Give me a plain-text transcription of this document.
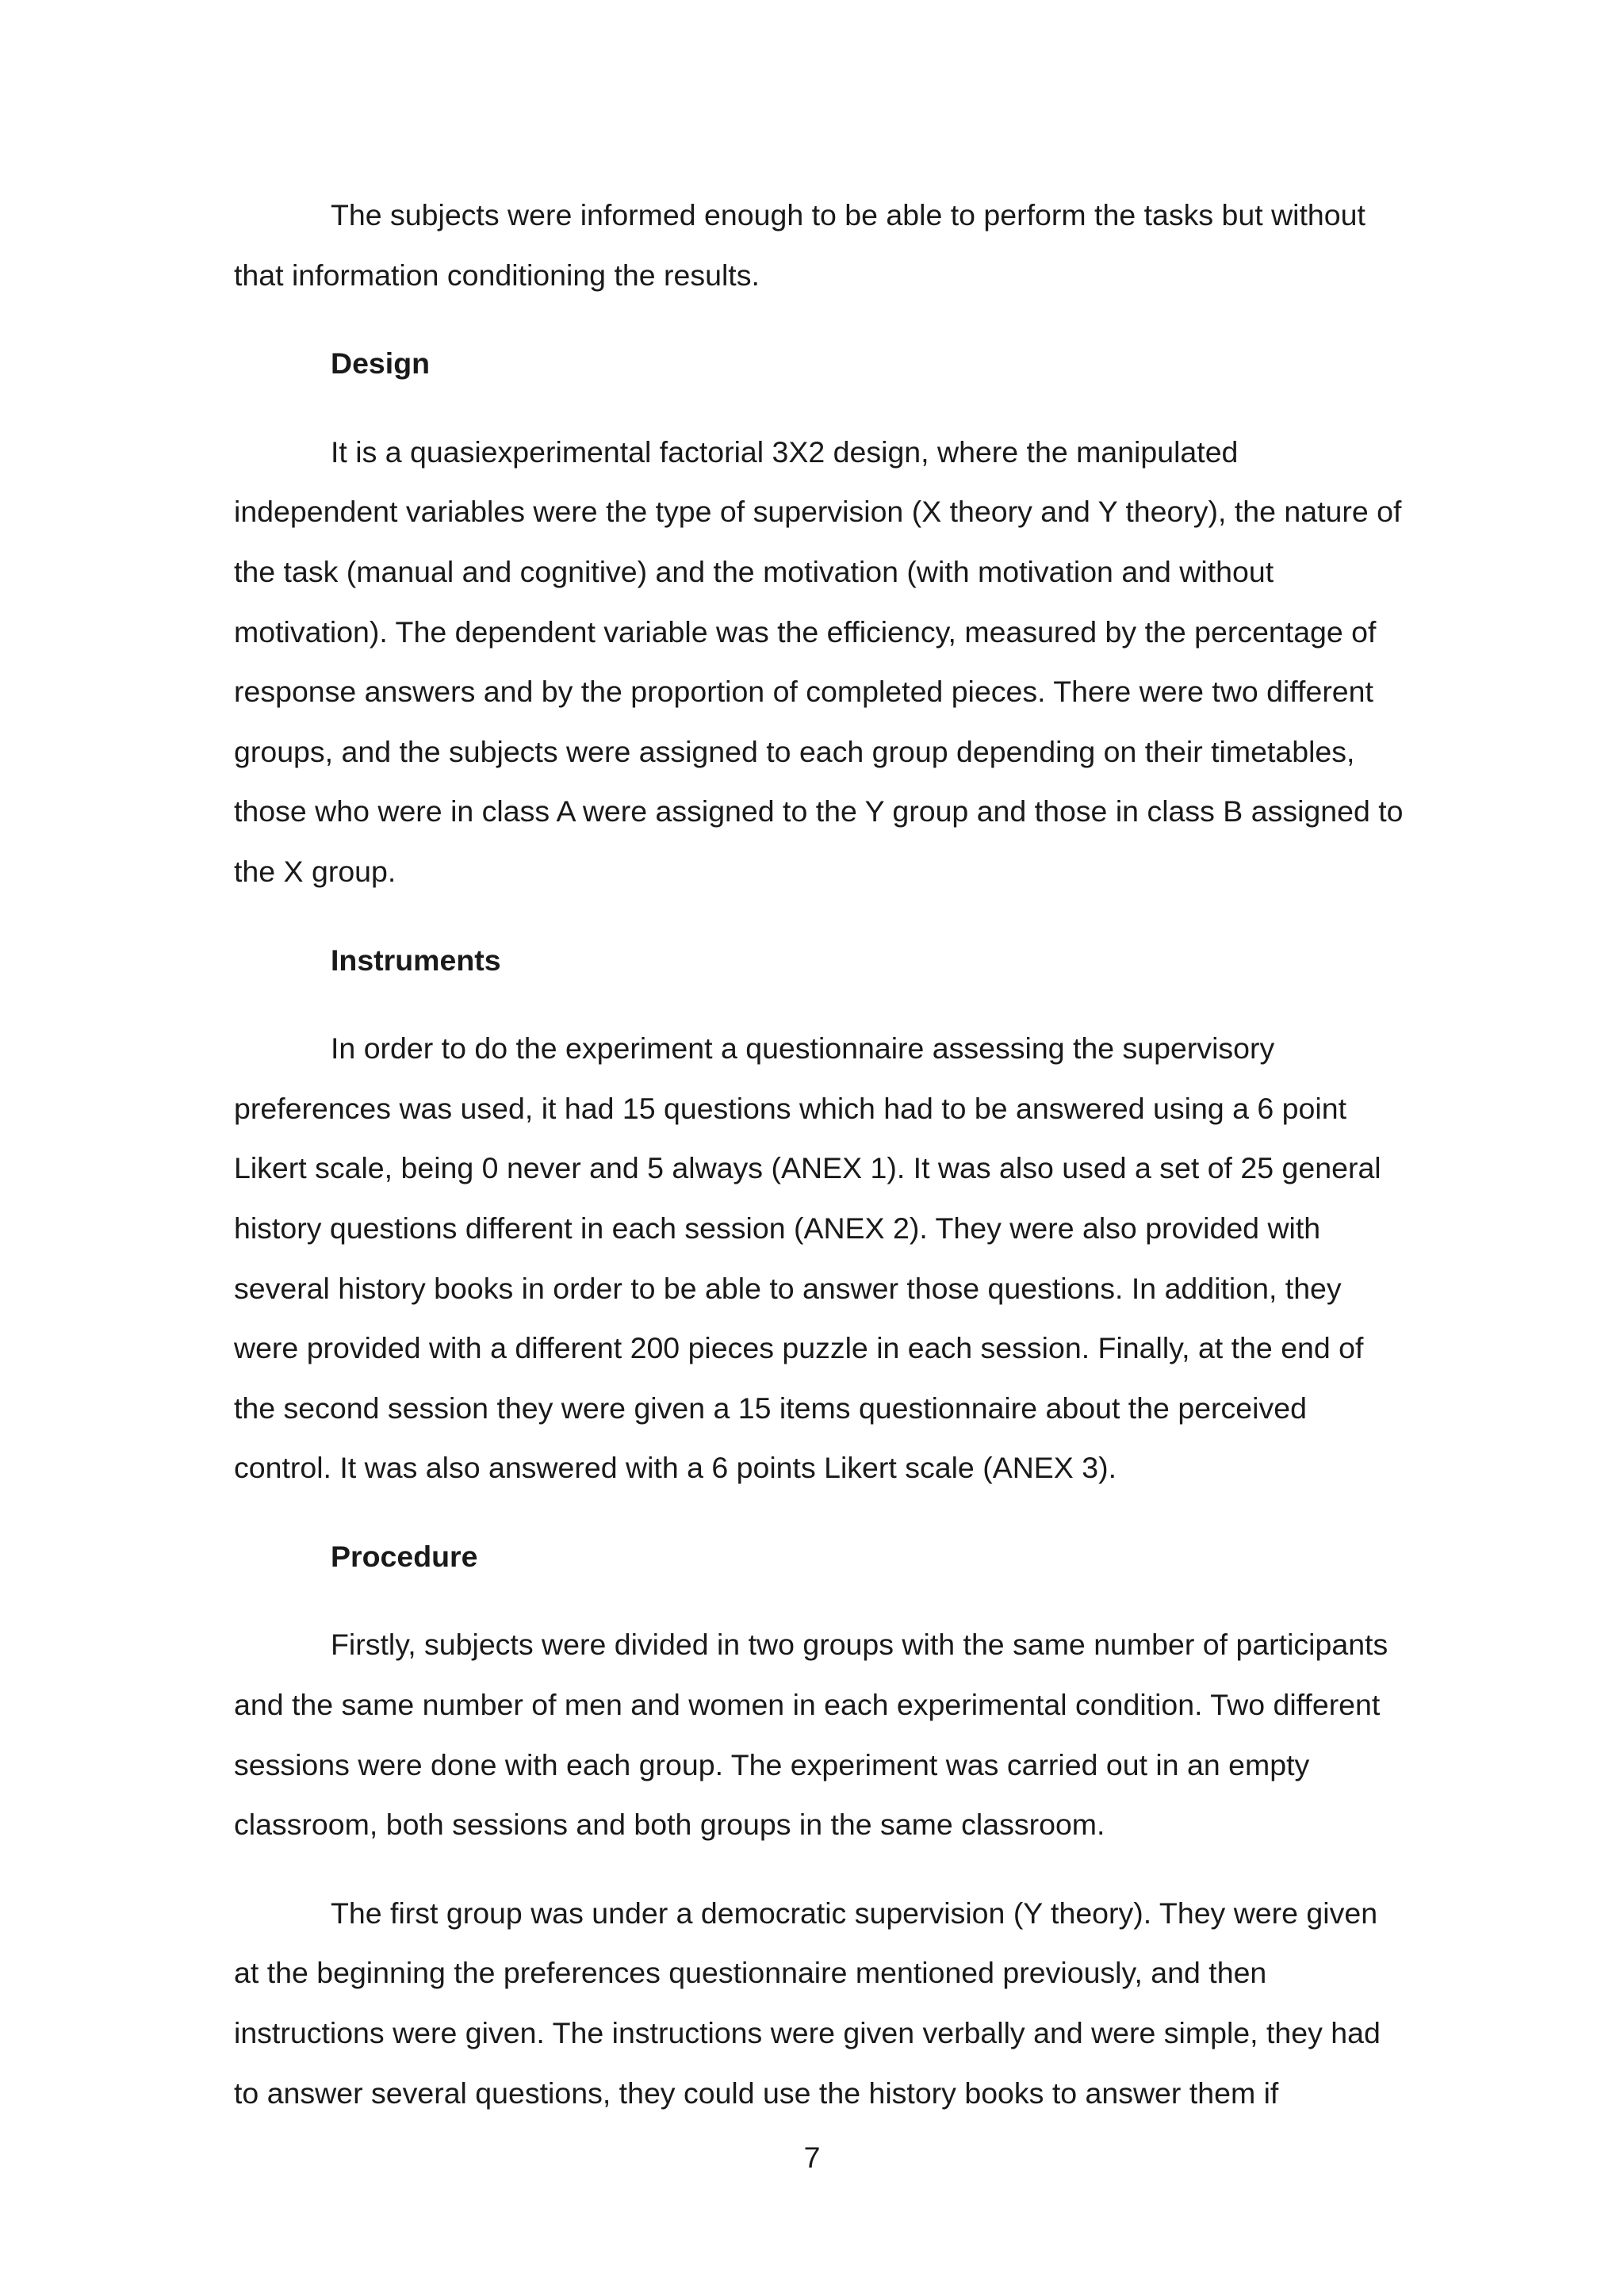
The subjects were informed enough to be able to perform the tasks but without that information conditioning the results.

Design

It is a quasiexperimental factorial 3X2 design, where the manipulated independent variables were the type of supervision (X theory and Y theory), the nature of the task (manual and cognitive) and the motivation (with motivation and without motivation). The dependent variable was the efficiency, measured by the percentage of response answers and by the proportion of completed pieces. There were two different groups, and the subjects were assigned to each group depending on their timetables, those who were in class A were assigned to the Y group and those in class B assigned to the X group.

Instruments

In order to do the experiment a questionnaire assessing the supervisory preferences was used, it had 15 questions which had to be answered using a 6 point Likert scale, being 0 never and 5 always (ANEX 1). It was also used a set of 25 general history questions different in each session (ANEX 2). They were also provided with several history books in order to be able to answer those questions. In addition, they were provided with a different 200 pieces puzzle in each session. Finally, at the end of the second session they were given a 15 items questionnaire about the perceived control. It was also answered with a 6 points Likert scale (ANEX 3).

Procedure

Firstly, subjects were divided in two groups with the same number of participants and the same number of men and women in each experimental condition. Two different sessions were done with each group. The experiment was carried out in an empty classroom, both sessions and both groups in the same classroom.

The first group was under a democratic supervision (Y theory). They were given at the beginning the preferences questionnaire mentioned previously, and then instructions were given. The instructions were given verbally and were simple, they had to answer several questions, they could use the history books to answer them if

7
